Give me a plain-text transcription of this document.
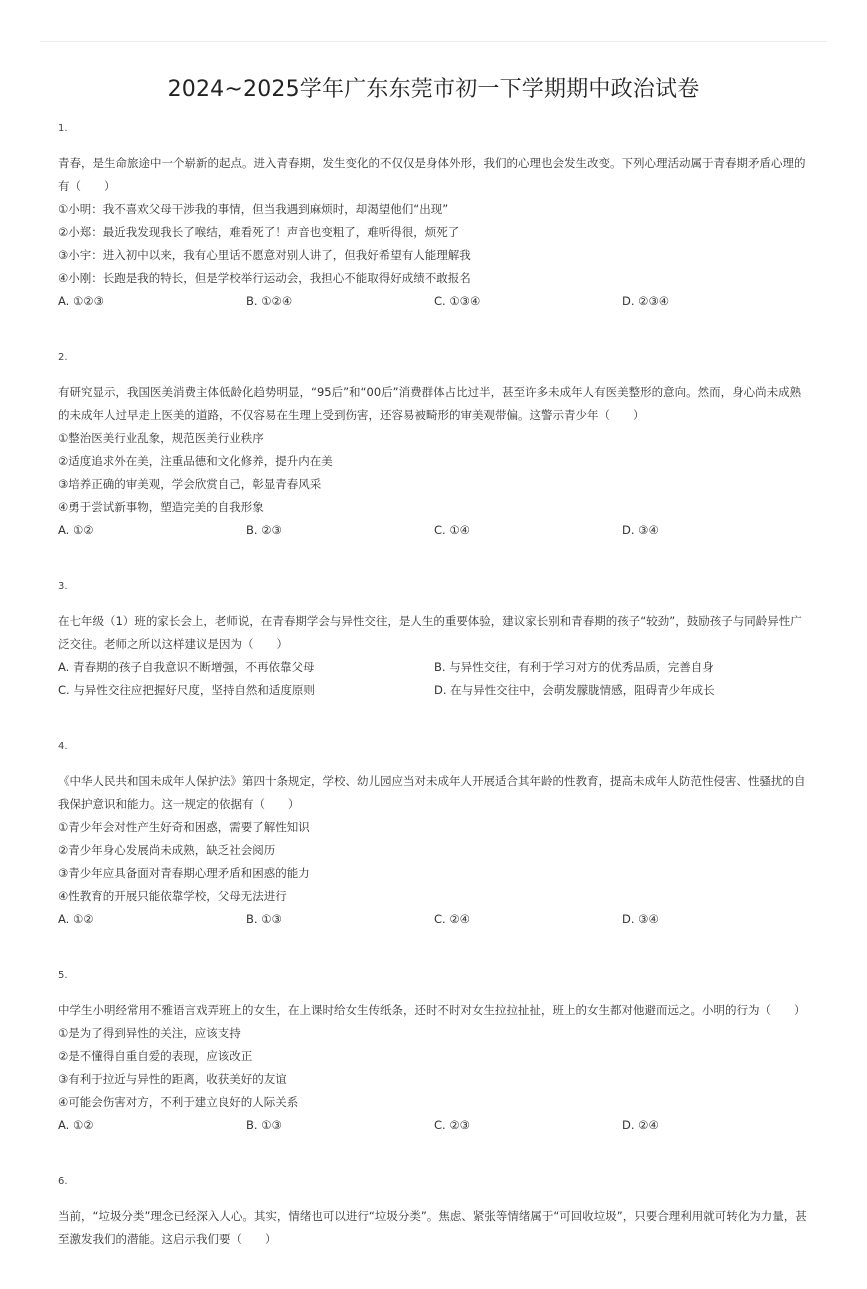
2024~2025学年广东东莞市初一下学期期中政治试卷
1.
青春，是生命旅途中一个崭新的起点。进入青春期，发生变化的不仅仅是身体外形，我们的心理也会发生改变。下列心理活动属于青春期矛盾心理的有（　　）
①小明：我不喜欢父母干涉我的事情，但当我遇到麻烦时，却渴望他们“出现”
②小郑：最近我发现我长了喉结，难看死了！声音也变粗了，难听得很，烦死了
③小宇：进入初中以来，我有心里话不愿意对别人讲了，但我好希望有人能理解我
④小刚：长跑是我的特长，但是学校举行运动会，我担心不能取得好成绩不敢报名
A. ①②③	B. ①②④	C. ①③④	D. ②③④
2.
有研究显示，我国医美消费主体低龄化趋势明显，“95后”和“00后”消费群体占比过半，甚至许多未成年人有医美整形的意向。然而，身心尚未成熟的未成年人过早走上医美的道路，不仅容易在生理上受到伤害，还容易被畸形的审美观带偏。这警示青少年（　　）
①整治医美行业乱象，规范医美行业秩序
②适度追求外在美，注重品德和文化修养，提升内在美
③培养正确的审美观，学会欣赏自己，彰显青春风采
④勇于尝试新事物，塑造完美的自我形象
A. ①②	B. ②③	C. ①④	D. ③④
3.
在七年级（1）班的家长会上，老师说，在青春期学会与异性交往，是人生的重要体验，建议家长别和青春期的孩子“较劲”，鼓励孩子与同龄异性广泛交往。老师之所以这样建议是因为（　　）
A. 青春期的孩子自我意识不断增强，不再依靠父母	B. 与异性交往，有利于学习对方的优秀品质，完善自身
C. 与异性交往应把握好尺度，坚持自然和适度原则	D. 在与异性交往中，会萌发朦胧情感，阻碍青少年成长
4.
《中华人民共和国未成年人保护法》第四十条规定，学校、幼儿园应当对未成年人开展适合其年龄的性教育，提高未成年人防范性侵害、性骚扰的自我保护意识和能力。这一规定的依据有（　　）
①青少年会对性产生好奇和困惑，需要了解性知识
②青少年身心发展尚未成熟，缺乏社会阅历
③青少年应具备面对青春期心理矛盾和困惑的能力
④性教育的开展只能依靠学校，父母无法进行
A. ①②	B. ①③	C. ②④	D. ③④
5.
中学生小明经常用不雅语言戏弄班上的女生，在上课时给女生传纸条，还时不时对女生拉拉扯扯，班上的女生都对他避而远之。小明的行为（　　）
①是为了得到异性的关注，应该支持
②是不懂得自重自爱的表现，应该改正
③有利于拉近与异性的距离，收获美好的友谊
④可能会伤害对方，不利于建立良好的人际关系
A. ①②	B. ①③	C. ②③	D. ②④
6.
当前，“垃圾分类”理念已经深入人心。其实，情绪也可以进行“垃圾分类”。焦虑、紧张等情绪属于“可回收垃圾”，只要合理利用就可转化为力量，甚至激发我们的潜能。这启示我们要（　　）
